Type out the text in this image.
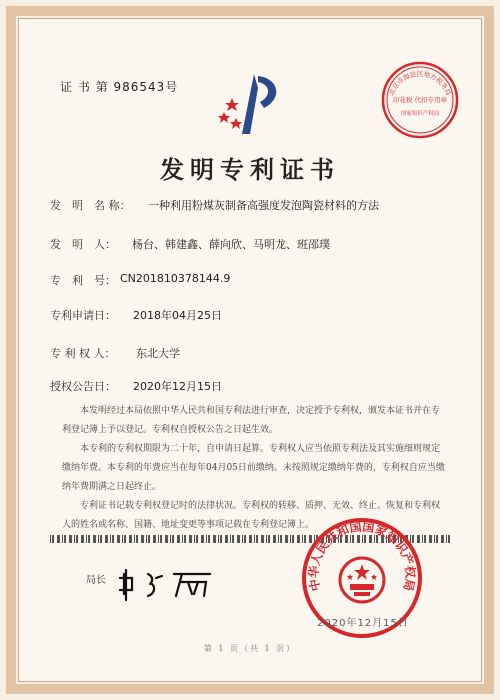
证 书 第 986543号	北京市海淀区地方税务局
印花税 代扣专用章
国家知识产权局
发明专利证书
发　明　名 称： 一种利用粉煤灰制备高强度发泡陶瓷材料的方法
发　明　人： 杨台、韩建鑫、薛向欣、马明龙、班邵璞
专　利　号： CN201810378144.9
专利申请日： 2018年04月25日
专 利 权 人： 东北大学
授权公告日： 2020年12月15日

本发明经过本局依照中华人民共和国专利法进行审查，决定授予专利权，颁发本证书并在专利登记簿上予以登记。专利权自授权公告之日起生效。

本专利的专利权期限为二十年，自申请日起算。专利权人应当依照专利法及其实施细则规定缴纳年费。本专利的年费应当在每年04月05日前缴纳。未按照规定缴纳年费的，专利权自应当缴纳年费期满之日起终止。

专利证书记载专利权登记时的法律状况。专利权的转移、质押、无效、终止、恢复和专利权人的姓名或名称、国籍、地址变更等事项记载在专利登记簿上。

局长	中华人民共和国国家知识产权局
2020年12月15日
第 1 页（共 1 页）
